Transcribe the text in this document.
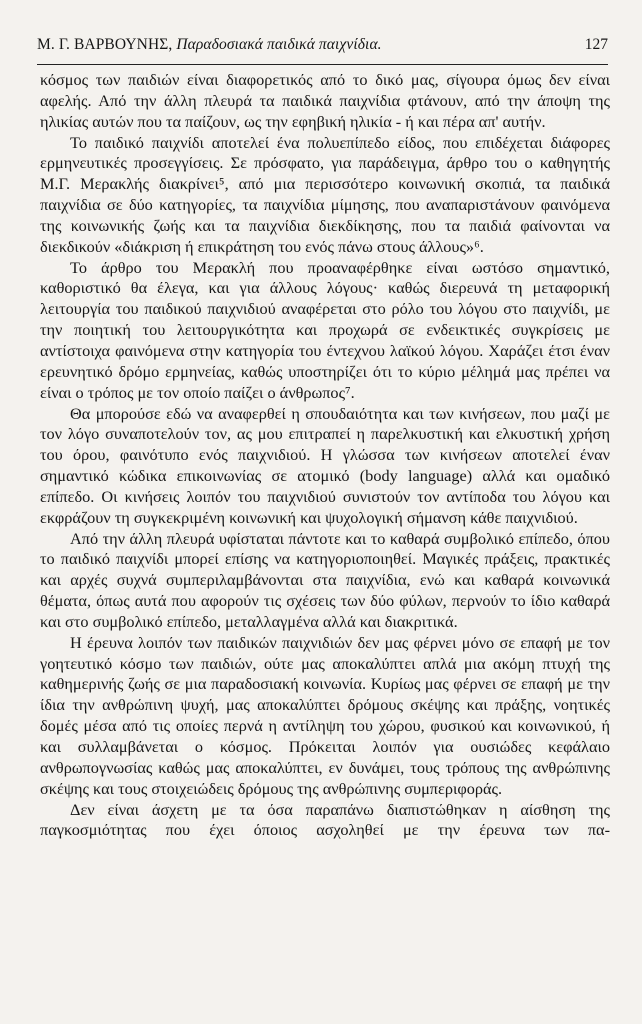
Μ. Γ. ΒΑΡΒΟΥΝΗΣ, Παραδοσιακά παιδικά παιχνίδια.	127

κόσμος των παιδιών είναι διαφορετικός από το δικό μας, σίγουρα όμως δεν είναι αφελής. Από την άλλη πλευρά τα παιδικά παιχνίδια φτάνουν, από την άποψη της ηλικίας αυτών που τα παίζουν, ως την εφηβική ηλικία - ή και πέρα απ' αυτήν.

Το παιδικό παιχνίδι αποτελεί ένα πολυεπίπεδο είδος, που επιδέχεται διάφορες ερμηνευτικές προσεγγίσεις. Σε πρόσφατο, για παράδειγμα, άρθρο του ο καθηγητής Μ.Γ. Μερακλής διακρίνει⁵, από μια περισσότερο κοινωνική σκοπιά, τα παιδικά παιχνίδια σε δύο κατηγορίες, τα παιχνίδια μίμησης, που αναπαριστάνουν φαινόμενα της κοινωνικής ζωής και τα παιχνίδια διεκδίκησης, που τα παιδιά φαίνονται να διεκδικούν «διάκριση ή επικράτηση του ενός πάνω στους άλλους»⁶.

Το άρθρο του Μερακλή που προαναφέρθηκε είναι ωστόσο σημαντικό, καθοριστικό θα έλεγα, και για άλλους λόγους· καθώς διερευνά τη μεταφορική λειτουργία του παιδικού παιχνιδιού αναφέρεται στο ρόλο του λόγου στο παιχνίδι, με την ποιητική του λειτουργικότητα και προχωρά σε ενδεικτικές συγκρίσεις με αντίστοιχα φαινόμενα στην κατηγορία του έντεχνου λαϊκού λόγου. Χαράζει έτσι έναν ερευνητικό δρόμο ερμηνείας, καθώς υποστηρίζει ότι το κύριο μέλημά μας πρέπει να είναι ο τρόπος με τον οποίο παίζει ο άνθρωπος⁷.

Θα μπορούσε εδώ να αναφερθεί η σπουδαιότητα και των κινήσεων, που μαζί με τον λόγο συναποτελούν τον, ας μου επιτραπεί η παρελκυστική και ελκυστική χρήση του όρου, φαινότυπο ενός παιχνιδιού. Η γλώσσα των κινήσεων αποτελεί έναν σημαντικό κώδικα επικοινωνίας σε ατομικό (body language) αλλά και ομαδικό επίπεδο. Οι κινήσεις λοιπόν του παιχνιδιού συνιστούν τον αντίποδα του λόγου και εκφράζουν τη συγκεκριμένη κοινωνική και ψυχολογική σήμανση κάθε παιχνιδιού.

Από την άλλη πλευρά υφίσταται πάντοτε και το καθαρά συμβολικό επίπεδο, όπου το παιδικό παιχνίδι μπορεί επίσης να κατηγοριοποιηθεί. Μαγικές πράξεις, πρακτικές και αρχές συχνά συμπεριλαμβάνονται στα παιχνίδια, ενώ και καθαρά κοινωνικά θέματα, όπως αυτά που αφορούν τις σχέσεις των δύο φύλων, περνούν το ίδιο καθαρά και στο συμβολικό επίπεδο, μεταλλαγμένα αλλά και διακριτικά.

Η έρευνα λοιπόν των παιδικών παιχνιδιών δεν μας φέρνει μόνο σε επαφή με τον γοητευτικό κόσμο των παιδιών, ούτε μας αποκαλύπτει απλά μια ακόμη πτυχή της καθημερινής ζωής σε μια παραδοσιακή κοινωνία. Κυρίως μας φέρνει σε επαφή με την ίδια την ανθρώπινη ψυχή, μας αποκαλύπτει δρόμους σκέψης και πράξης, νοητικές δομές μέσα από τις οποίες περνά η αντίληψη του χώρου, φυσικού και κοινωνικού, ή και συλλαμβάνεται ο κόσμος. Πρόκειται λοιπόν για ουσιώδες κεφάλαιο ανθρωπογνωσίας καθώς μας αποκαλύπτει, εν δυνάμει, τους τρόπους της ανθρώπινης σκέψης και τους στοιχειώδεις δρόμους της ανθρώπινης συμπεριφοράς.

Δεν είναι άσχετη με τα όσα παραπάνω διαπιστώθηκαν η αίσθηση της παγκοσμιότητας που έχει όποιος ασχοληθεί με την έρευνα των πα-
